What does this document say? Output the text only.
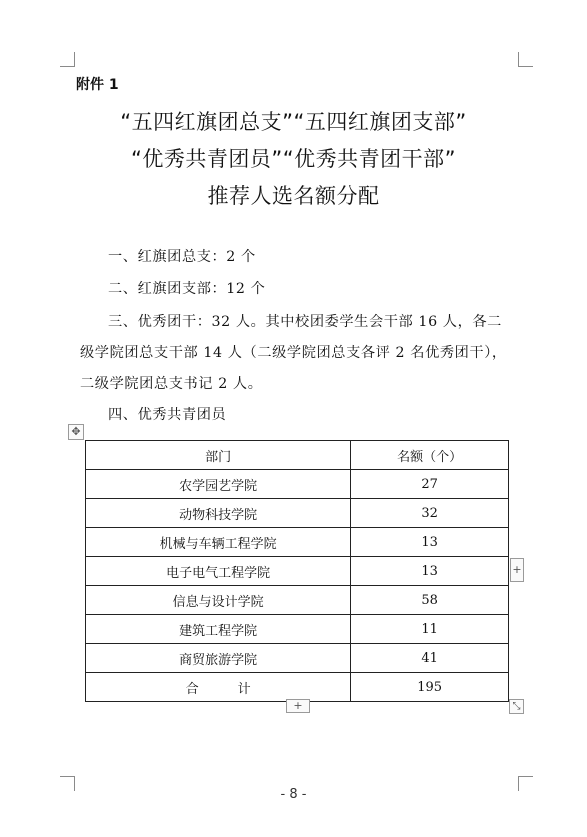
附件 1
“五四红旗团总支”“五四红旗团支部”
“优秀共青团员”“优秀共青团干部”
推荐人选名额分配
一、红旗团总支：2 个
二、红旗团支部：12 个
三、优秀团干：32 人。其中校团委学生会干部 16 人，各二
级学院团总支干部 14 人（二级学院团总支各评 2 名优秀团干），
二级学院团总支书记 2 人。
四、优秀共青团员
✥
部门	名额（个）
农学园艺学院	27
动物科技学院	32
机械与车辆工程学院	13
电子电气工程学院	13
信息与设计学院	58
建筑工程学院	11
商贸旅游学院	41
合　　　计	195
+
+	⤡
- 8 -
